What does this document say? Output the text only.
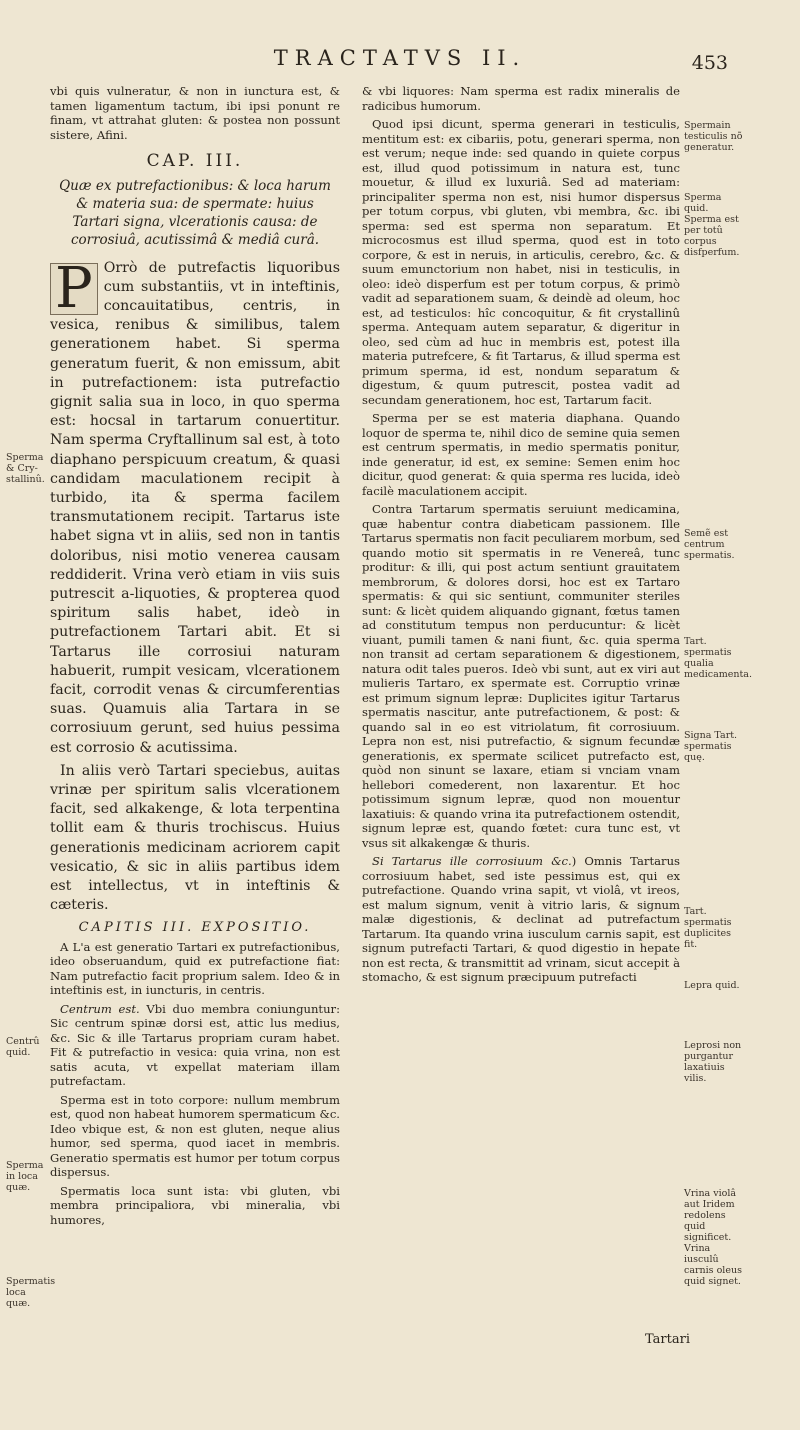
TRACTATVS II.	453

vbi quis vulneratur, & non in iunctura est, & tamen ligamentum tactum, ibi ipsi ponunt re finam, vt attrahat gluten: & postea non possunt sistere, Afini.

CAP. III.
Quæ ex putrefactionibus: & loca harum & materia sua: de spermate: huius Tartari signa, vlcerationis causa: de corrosiuâ, acutissimâ & mediâ curâ.
P Orrò de putrefactis liquoribus cum substantiis, vt in inteftinis, concauitatibus, centris, in vesica, renibus & similibus, talem generationem habet. Si sperma generatum fuerit, & non emissum, abit in putrefactionem: ista putrefactio gignit salia sua in loco, in quo sperma est: hocsal in tartarum conuertitur. Nam sperma Cryftallinum sal est, à toto diaphano perspicuum creatum, & quasi candidam maculationem recipit à turbido, ita & sperma facilem transmutationem recipit. Tartarus iste habet signa vt in aliis, sed non in tantis doloribus, nisi motio venerea causam reddiderit. Vrina verò etiam in viis suis putrescit a-liquoties, & propterea quod spiritum salis habet, ideò in putrefactionem Tartari abit. Et si Tartarus ille corrosiui naturam habuerit, rumpit vesicam, vlcerationem facit, corrodit venas & circumferentias suas. Quamuis alia Tartara in se corrosiuum gerunt, sed huius pessima est corrosio & acutissima.

In aliis verò Tartari speciebus, auitas vrinæ per spiritum salis vlcerationem facit, sed alkakenge, & lota terpentina tollit eam & thuris trochiscus. Huius generationis medicinam acriorem capit vesicatio, & sic in aliis partibus idem est intellectus, vt in inteftinis & cæteris.

CAPITIS III. EXPOSITIO.

A L'a est generatio Tartari ex putrefactionibus, ideo obseruandum, quid ex putrefactione fiat: Nam putrefactio facit proprium salem. Ideo & in inteftinis est, in iuncturis, in centris.

Centrum est. Vbi duo membra coniunguntur: Sic centrum spinæ dorsi est, attic lus medius, &c. Sic & ille Tartarus propriam curam habet. Fit & putrefactio in vesica: quia vrina, non est satis acuta, vt expellat materiam illam putrefactam.

Sperma est in toto corpore: nullum membrum est, quod non habeat humorem spermaticum &c. Ideo vbique est, & non est gluten, neque alius humor, sed sperma, quod iacet in membris. Generatio spermatis est humor per totum corpus dispersus.

Spermatis loca sunt ista: vbi gluten, vbi membra principaliora, vbi mineralia, vbi humores,

& vbi liquores: Nam sperma est radix mineralis de radicibus humorum.

Quod ipsi dicunt, sperma generari in testiculis, mentitum est: ex cibariis, potu, generari sperma, non est verum; neque inde: sed quando in quiete corpus est, illud quod potissimum in natura est, tunc mouetur, & illud ex luxuriâ. Sed ad materiam: principaliter sperma non est, nisi humor dispersus per totum corpus, vbi gluten, vbi membra, &c. ibi sperma: sed est sperma non separatum. Et microcosmus est illud sperma, quod est in toto corpore, & est in neruis, in articulis, cerebro, &c. & suum emunctorium non habet, nisi in testiculis, in oleo: ideò disperfum est per totum corpus, & primò vadit ad separationem suam, & deindè ad oleum, hoc est, ad testiculos: hîc concoquitur, & fit crystallinû sperma. Antequam autem separatur, & digeritur in oleo, sed cùm ad huc in membris est, potest illa materia putrefcere, & fit Tartarus, & illud sperma est primum sperma, id est, nondum separatum & digestum, & quum putrescit, postea vadit ad secundam generationem, hoc est, Tartarum facit.

Sperma per se est materia diaphana. Quando loquor de sperma te, nihil dico de semine quia semen est centrum spermatis, in medio spermatis ponitur, inde generatur, id est, ex semine: Semen enim hoc dicitur, quod generat: & quia sperma res lucida, ideò facilè maculationem accipit.

Contra Tartarum spermatis seruiunt medicamina, quæ habentur contra diabeticam passionem. Ille Tartarus spermatis non facit peculiarem morbum, sed quando motio sit spermatis in re Venereâ, tunc proditur: & illi, qui post actum sentiunt grauitatem membrorum, & dolores dorsi, hoc est ex Tartaro spermatis: & qui sic sentiunt, communiter steriles sunt: & licèt quidem aliquando gignant, fœtus tamen ad constitutum tempus non perducuntur: & licèt viuant, pumili tamen & nani fiunt, &c. quia sperma non transit ad certam separationem & digestionem, natura odit tales pueros. Ideò vbi sunt, aut ex viri aut mulieris Tartaro, ex spermate est. Corruptio vrinæ est primum signum lepræ: Duplicites igitur Tartarus spermatis nascitur, ante putrefactionem, & post: & quando sal in eo est vitriolatum, fit corrosiuum. Lepra non est, nisi putrefactio, & signum fecundæ generationis, ex spermate scilicet putrefacto est, quòd non sinunt se laxare, etiam si vnciam vnam hellebori comederent, non laxarentur. Et hoc potissimum signum lepræ, quod non mouentur laxatiuis: & quando vrina ita putrefactionem ostendit, signum lepræ est, quando fœtet: cura tunc est, vt vsus sit alkakengæ & thuris.

Si Tartarus ille corrosiuum &c.) Omnis Tartarus corrosiuum habet, sed iste pessimus est, qui ex putrefactione. Quando vrina sapit, vt violâ, vt ireos, est malum signum, venit à vitrio laris, & signum malæ digestionis, & declinat ad putrefactum Tartarum. Ita quando vrina iusculum carnis sapit, est signum putrefacti Tartari, & quod digestio in hepate non est recta, & transmittit ad vrinam, sicut accepit à stomacho, & est signum præcipuum putrefacti

Sperma & Cry-stallinû.
Centrû quid.
Sperma in loca quæ.
Spermatis loca quæ.
Spermain testiculis nõ generatur.
Sperma quid. Sperma est per totû corpus disfperfum.
Semẽ est centrum spermatis.
Tart. spermatis qualia medicamenta.
Signa Tart. spermatis quę.
Tart. spermatis duplicites fit.
Lepra quid.
Leprosi non purgantur laxatiuis vilis.
Vrina violâ aut Iridem redolens quid significet. Vrina iusculû carnis oleus quid signet.
Tartari
